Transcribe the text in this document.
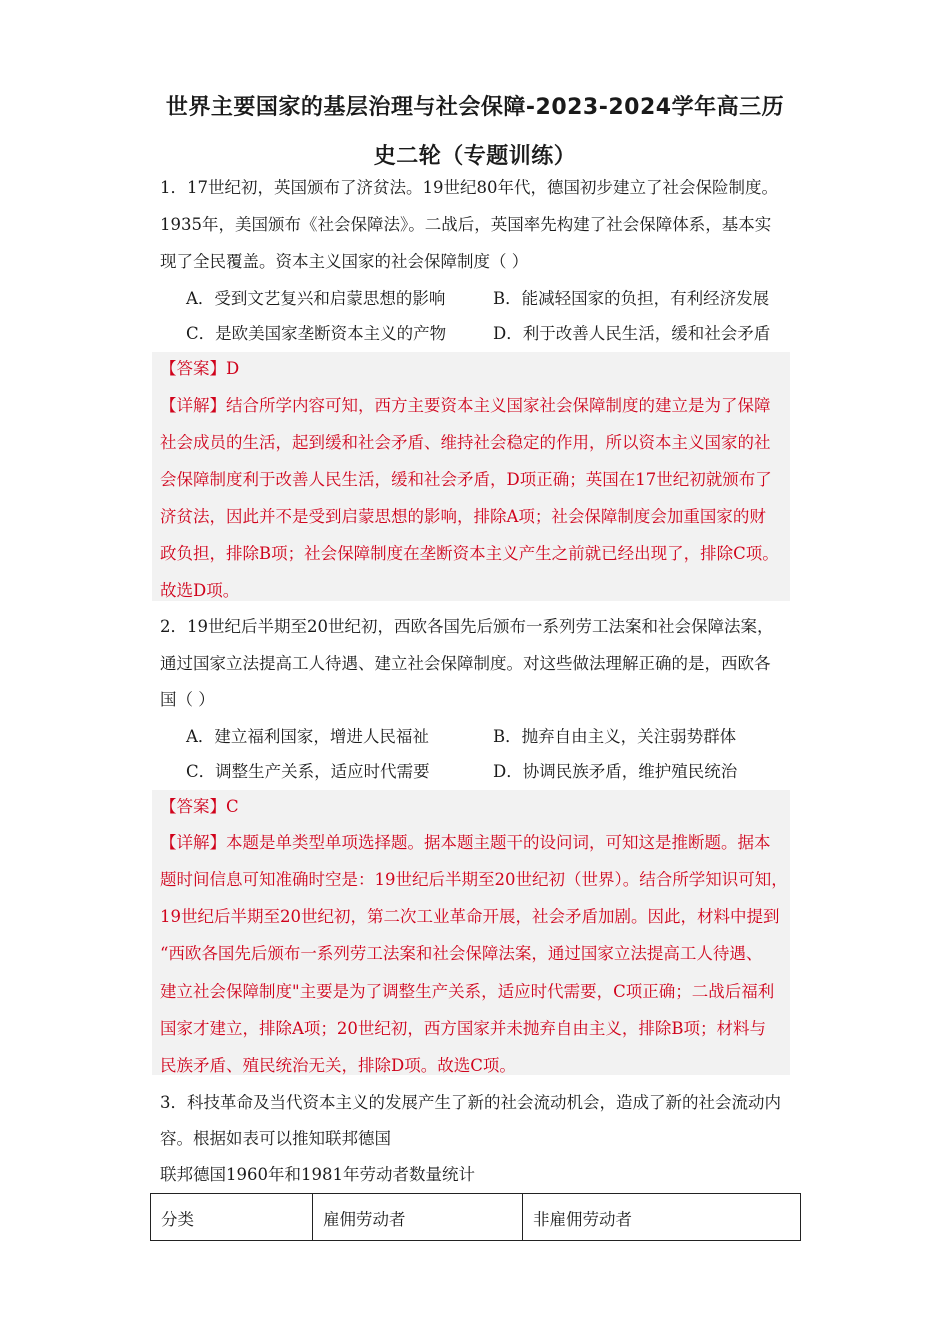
世界主要国家的基层治理与社会保障-2023-2024学年高三历
史二轮（专题训练）
1．17世纪初，英国颁布了济贫法。19世纪80年代，德国初步建立了社会保险制度。
1935年，美国颁布《社会保障法》。二战后，英国率先构建了社会保障体系，基本实
现了全民覆盖。资本主义国家的社会保障制度（ ）
A．受到文艺复兴和启蒙思想的影响	B．能减轻国家的负担，有利经济发展
C．是欧美国家垄断资本主义的产物	D．利于改善人民生活，缓和社会矛盾
【答案】D
【详解】结合所学内容可知，西方主要资本主义国家社会保障制度的建立是为了保障
社会成员的生活，起到缓和社会矛盾、维持社会稳定的作用，所以资本主义国家的社
会保障制度利于改善人民生活，缓和社会矛盾，D项正确；英国在17世纪初就颁布了
济贫法，因此并不是受到启蒙思想的影响，排除A项；社会保障制度会加重国家的财
政负担，排除B项；社会保障制度在垄断资本主义产生之前就已经出现了，排除C项。
故选D项。
2．19世纪后半期至20世纪初，西欧各国先后颁布一系列劳工法案和社会保障法案，
通过国家立法提高工人待遇、建立社会保障制度。对这些做法理解正确的是，西欧各
国（ ）
A．建立福利国家，增进人民福祉	B．抛弃自由主义，关注弱势群体
C．调整生产关系，适应时代需要	D．协调民族矛盾，维护殖民统治
【答案】C
【详解】本题是单类型单项选择题。据本题主题干的设问词，可知这是推断题。据本
题时间信息可知准确时空是：19世纪后半期至20世纪初（世界）。结合所学知识可知，
19世纪后半期至20世纪初，第二次工业革命开展，社会矛盾加剧。因此，材料中提到
“西欧各国先后颁布一系列劳工法案和社会保障法案，通过国家立法提高工人待遇、
建立社会保障制度"主要是为了调整生产关系，适应时代需要，C项正确；二战后福利
国家才建立，排除A项；20世纪初，西方国家并未抛弃自由主义，排除B项；材料与
民族矛盾、殖民统治无关，排除D项。故选C项。
3．科技革命及当代资本主义的发展产生了新的社会流动机会，造成了新的社会流动内
容。根据如表可以推知联邦德国
联邦德国1960年和1981年劳动者数量统计
分类	雇佣劳动者	非雇佣劳动者
